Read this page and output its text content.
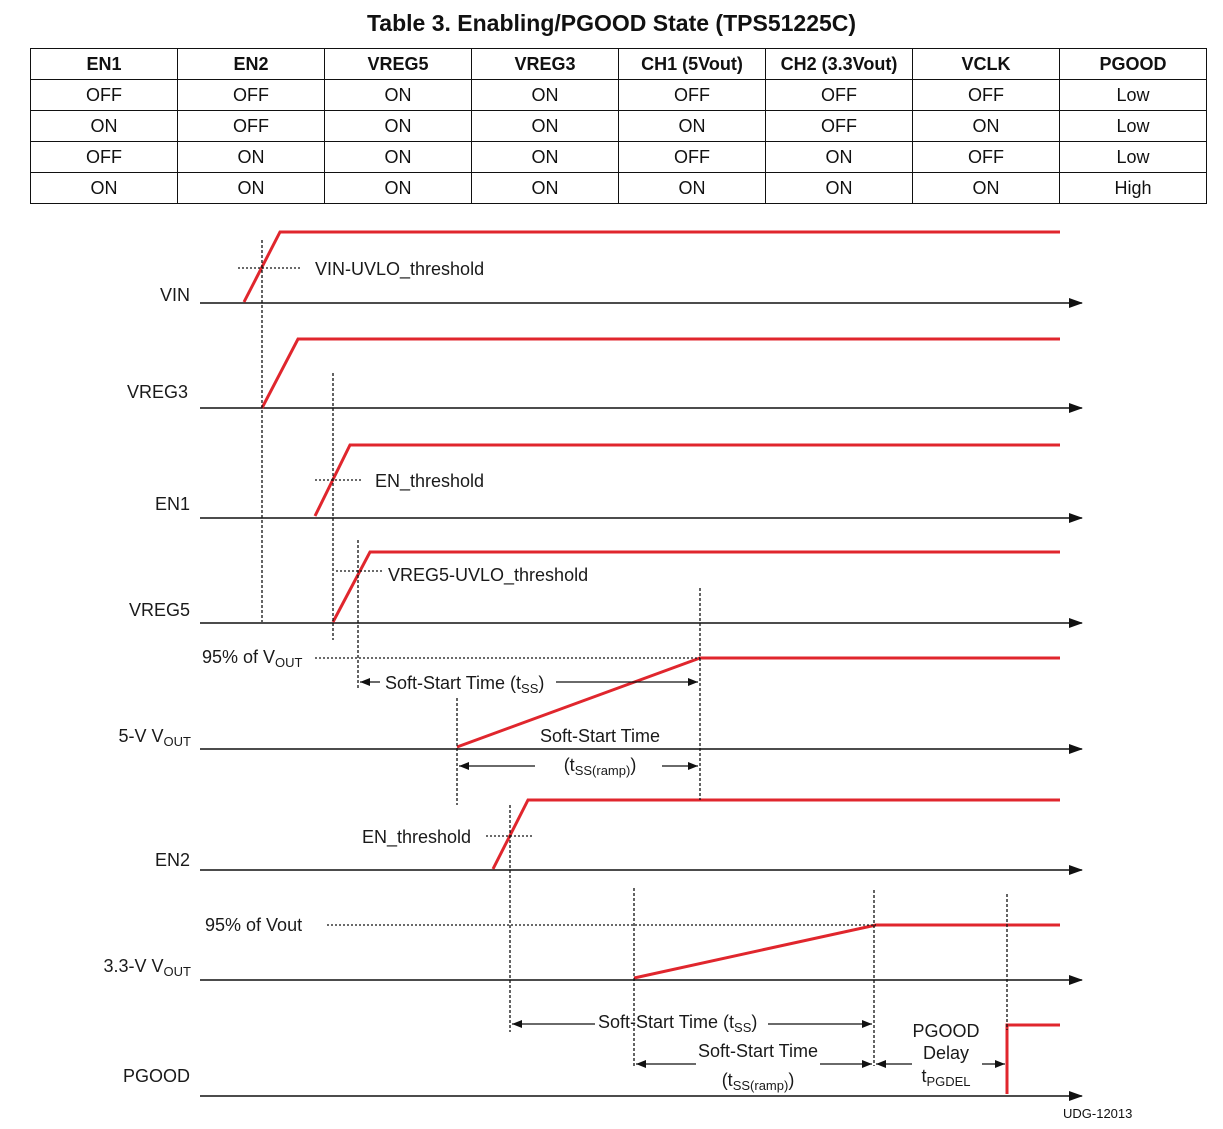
Table 3. Enabling/PGOOD State (TPS51225C)
EN1	EN2	VREG5	VREG3	CH1 (5Vout)	CH2 (3.3Vout)	VCLK	PGOOD
OFF	OFF	ON	ON	OFF	OFF	OFF	Low
ON	OFF	ON	ON	ON	OFF	ON	Low
OFF	ON	ON	ON	OFF	ON	OFF	Low
ON	ON	ON	ON	ON	ON	ON	High
VIN
VREG3
EN1
VREG5
5-V $V_{OUT}$
EN2
3.3-V $V_{OUT}$
PGOOD
VIN-UVLO_threshold
EN_threshold
VREG5-UVLO_threshold
95% of $V_{OUT}$
EN_threshold
95% of Vout
Soft-Start Time $(t_{SS})$
Soft-Start Time
$(t_{SS(ramp)})$
Soft-Start Time $(t_{SS})$
Soft-Start Time
$(t_{SS(ramp)})$
PGOOD
Delay
$t_{PGDEL}$
UDG-12013
